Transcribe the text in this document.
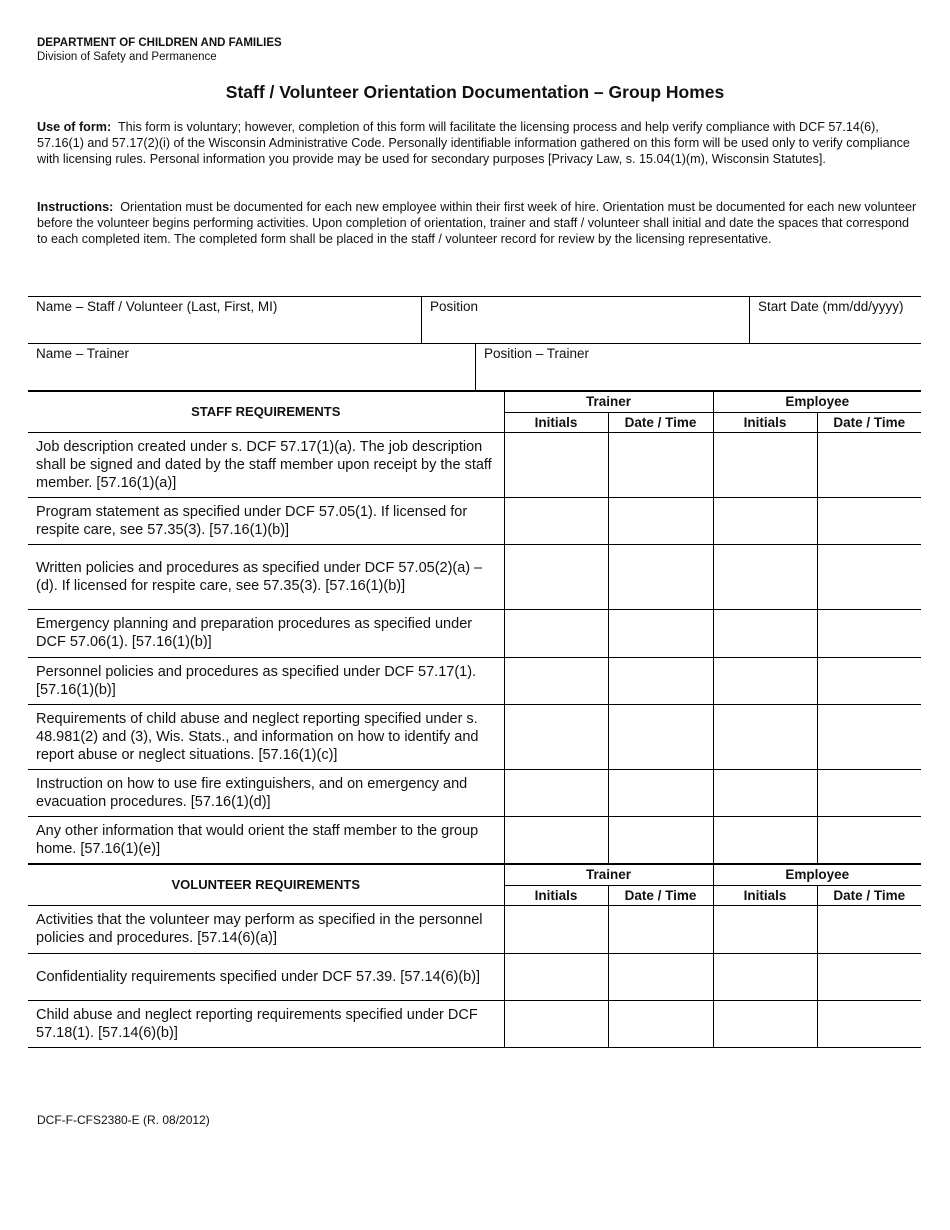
DEPARTMENT OF CHILDREN AND FAMILIES
Division of Safety and Permanence
Staff / Volunteer Orientation Documentation – Group Homes
Use of form: This form is voluntary; however, completion of this form will facilitate the licensing process and help verify compliance with DCF 57.14(6), 57.16(1) and 57.17(2)(i) of the Wisconsin Administrative Code. Personally identifiable information gathered on this form will be used only to verify compliance with licensing rules. Personal information you provide may be used for secondary purposes [Privacy Law, s. 15.04(1)(m), Wisconsin Statutes].
Instructions: Orientation must be documented for each new employee within their first week of hire. Orientation must be documented for each new volunteer before the volunteer begins performing activities. Upon completion of orientation, trainer and staff / volunteer shall initial and date the spaces that correspond to each completed item. The completed form shall be placed in the staff / volunteer record for review by the licensing representative.
Name – Staff / Volunteer (Last, First, MI)	Position	Start Date (mm/dd/yyyy)
Name – Trainer	Position – Trainer
STAFF REQUIREMENTS	Trainer		Employee	
	Initials	Date / Time	Initials	Date / Time
Job description created under s. DCF 57.17(1)(a). The job description shall be signed and dated by the staff member upon receipt by the staff member. [57.16(1)(a)]				
Program statement as specified under DCF 57.05(1). If licensed for respite care, see 57.35(3). [57.16(1)(b)]				
Written policies and procedures as specified under DCF 57.05(2)(a) – (d). If licensed for respite care, see 57.35(3). [57.16(1)(b)]				
Emergency planning and preparation procedures as specified under DCF 57.06(1). [57.16(1)(b)]				
Personnel policies and procedures as specified under DCF 57.17(1). [57.16(1)(b)]				
Requirements of child abuse and neglect reporting specified under s. 48.981(2) and (3), Wis. Stats., and information on how to identify and report abuse or neglect situations. [57.16(1)(c)]				
Instruction on how to use fire extinguishers, and on emergency and evacuation procedures. [57.16(1)(d)]				
Any other information that would orient the staff member to the group home. [57.16(1)(e)]				
VOLUNTEER REQUIREMENTS	Trainer		Employee	
	Initials	Date / Time	Initials	Date / Time
Activities that the volunteer may perform as specified in the personnel policies and procedures. [57.14(6)(a)]				
Confidentiality requirements specified under DCF 57.39. [57.14(6)(b)]				
Child abuse and neglect reporting requirements specified under DCF 57.18(1). [57.14(6)(b)]				
DCF-F-CFS2380-E (R. 08/2012)
